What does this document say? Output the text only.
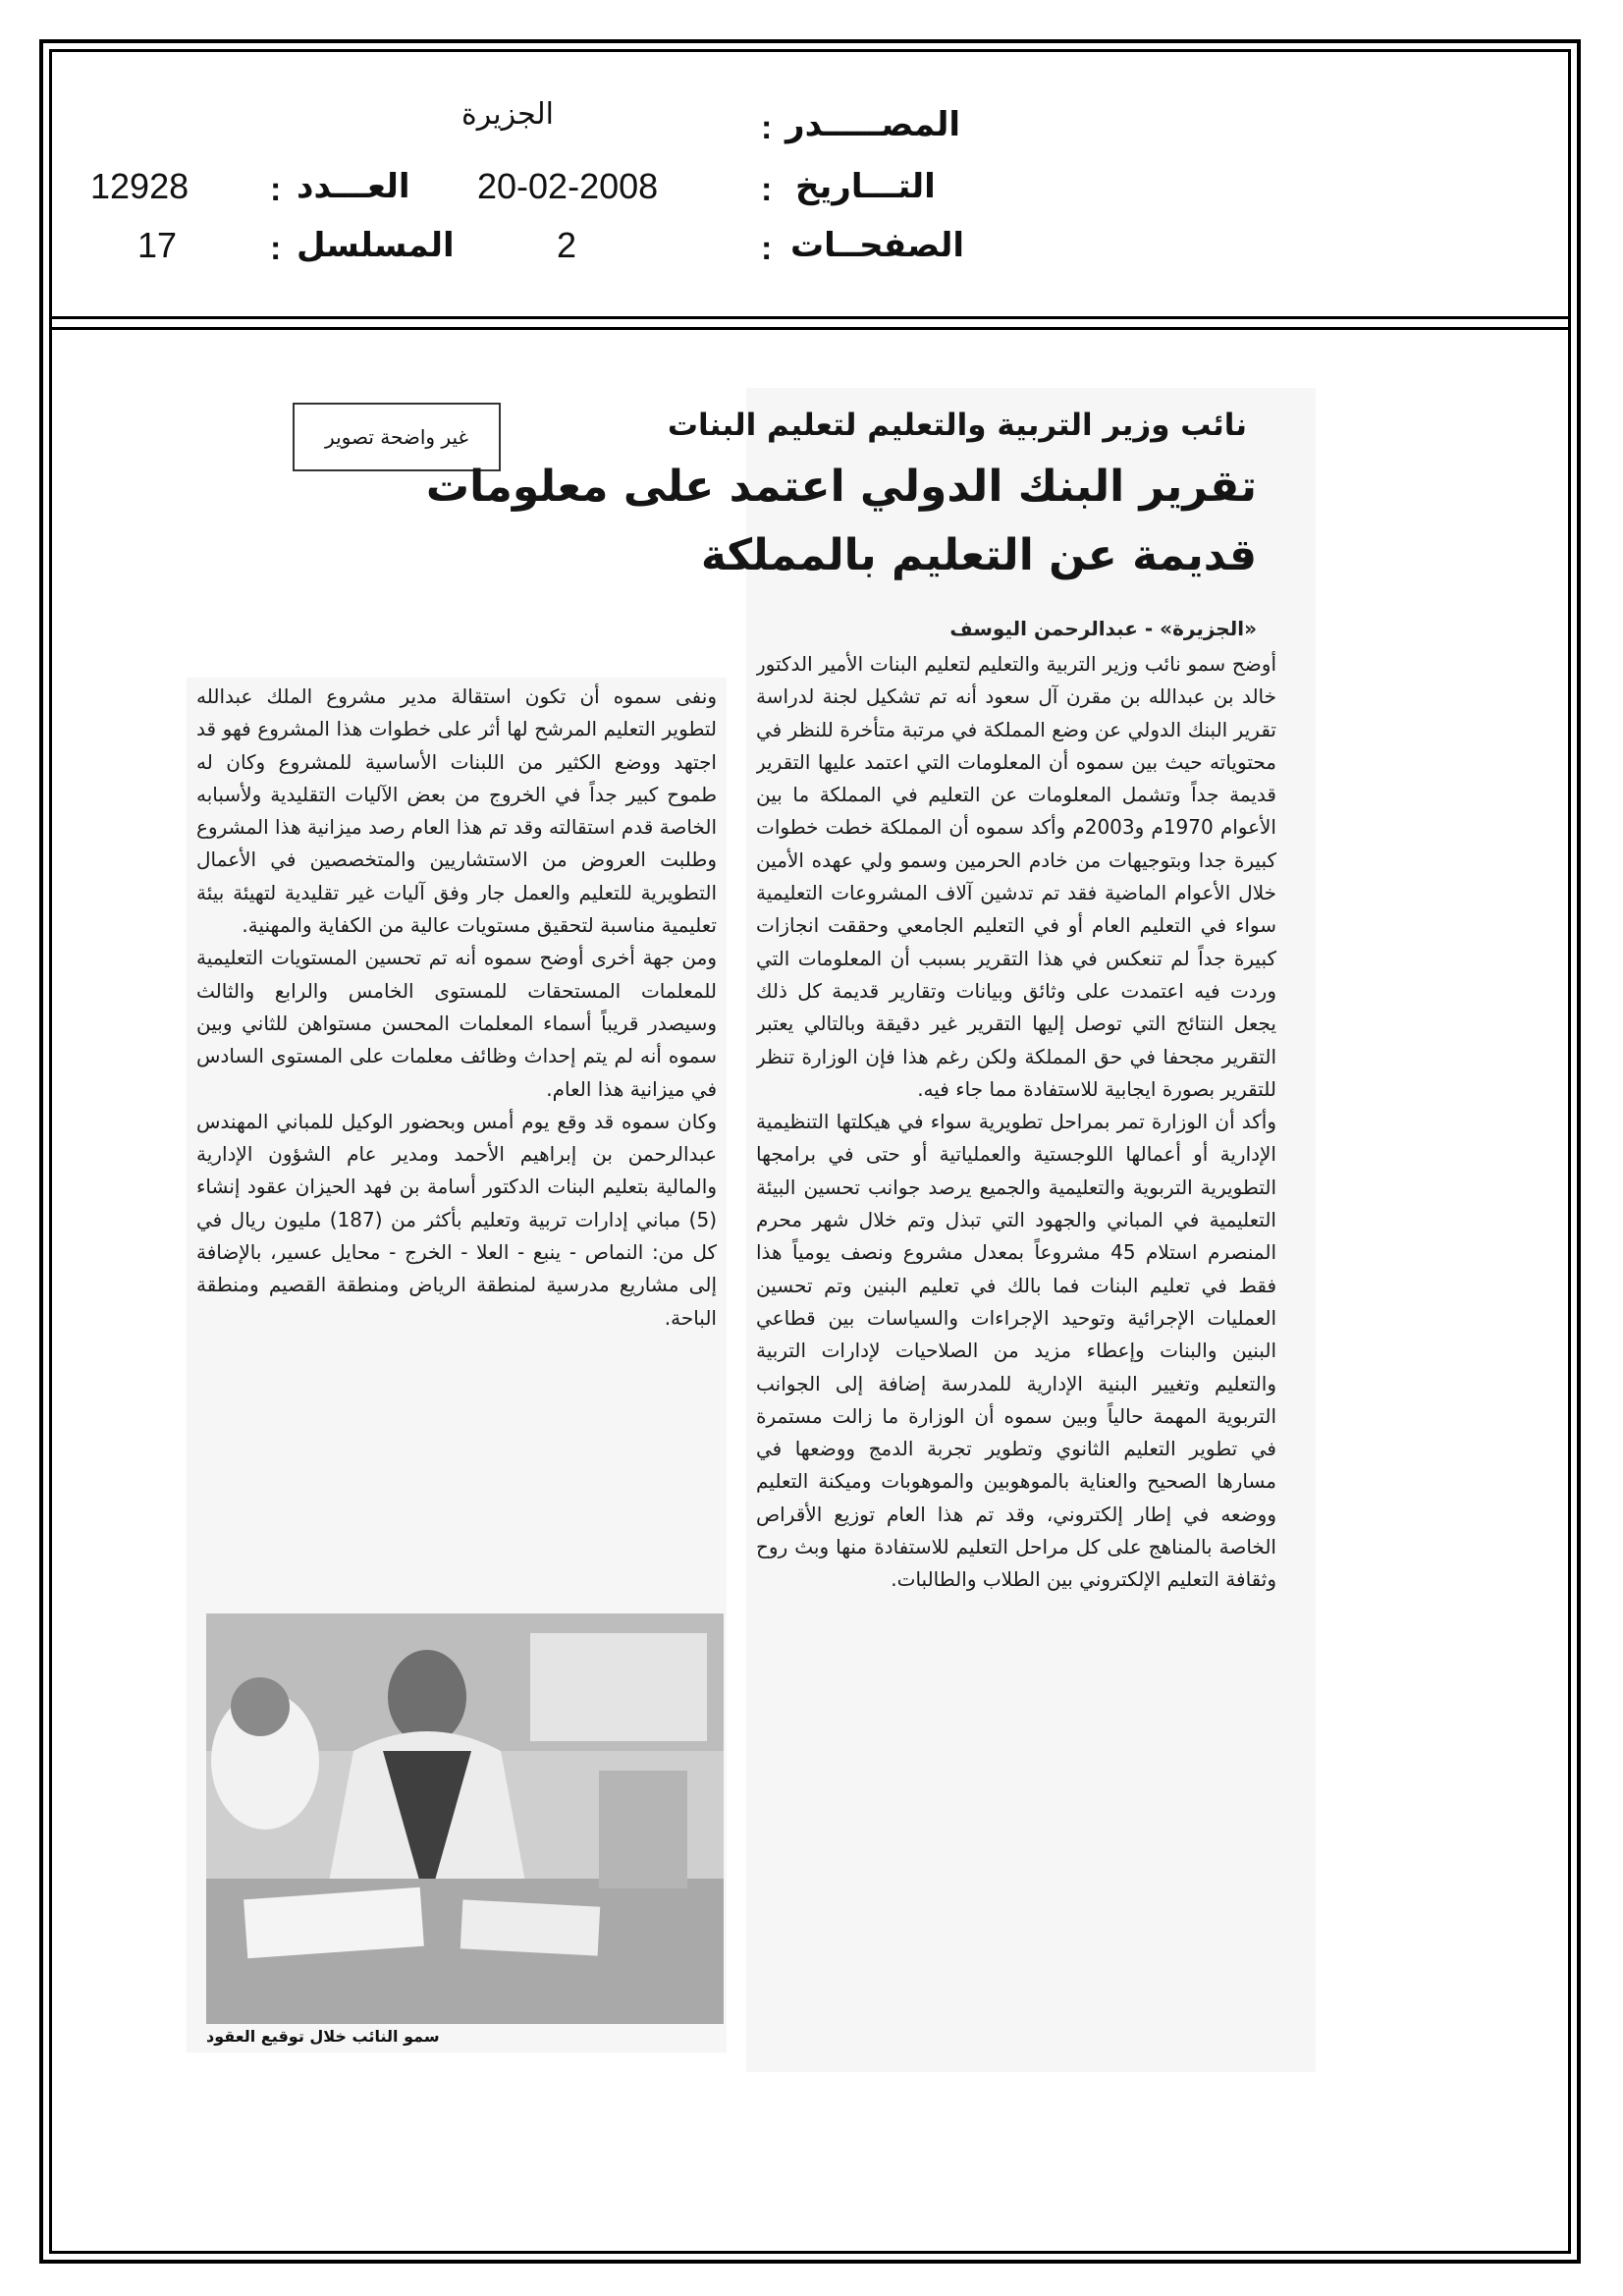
الجزيرة	المصـــــدر
:
التـــاريخ
:
20-02-2008
العـــدد
:
12928
الصفحــات
:
2
المسلسل
:
17
غير واضحة تصوير	نائب وزير التربية والتعليم لتعليم البنات
تقرير البنك الدولي اعتمد على معلومات
قديمة عن التعليم بالمملكة
«الجزيرة» - عبدالرحمن اليوسف

أوضح سمو نائب وزير التربية والتعليم لتعليم البنات الأمير الدكتور خالد بن عبدالله بن مقرن آل سعود أنه تم تشكيل لجنة لدراسة تقرير البنك الدولي عن وضع المملكة في مرتبة متأخرة للنظر في محتوياته حيث بين سموه أن المعلومات التي اعتمد عليها التقرير قديمة جداً وتشمل المعلومات عن التعليم في المملكة ما بين الأعوام 1970م و2003م وأكد سموه أن المملكة خطت خطوات كبيرة جدا وبتوجيهات من خادم الحرمين وسمو ولي عهده الأمين خلال الأعوام الماضية فقد تم تدشين آلاف المشروعات التعليمية سواء في التعليم العام أو في التعليم الجامعي وحققت انجازات كبيرة جداً لم تنعكس في هذا التقرير بسبب أن المعلومات التي وردت فيه اعتمدت على وثائق وبيانات وتقارير قديمة كل ذلك يجعل النتائج التي توصل إليها التقرير غير دقيقة وبالتالي يعتبر التقرير مجحفا في حق المملكة ولكن رغم هذا فإن الوزارة تنظر للتقرير بصورة ايجابية للاستفادة مما جاء فيه.

وأكد أن الوزارة تمر بمراحل تطويرية سواء في هيكلتها التنظيمية الإدارية أو أعمالها اللوجستية والعملياتية أو حتى في برامجها التطويرية التربوية والتعليمية والجميع يرصد جوانب تحسين البيئة التعليمية في المباني والجهود التي تبذل وتم خلال شهر محرم المنصرم استلام 45 مشروعاً بمعدل مشروع ونصف يومياً هذا فقط في تعليم البنات فما بالك في تعليم البنين وتم تحسين العمليات الإجرائية وتوحيد الإجراءات والسياسات بين قطاعي البنين والبنات وإعطاء مزيد من الصلاحيات لإدارات التربية والتعليم وتغيير البنية الإدارية للمدرسة إضافة إلى الجوانب التربوية المهمة حالياً وبين سموه أن الوزارة ما زالت مستمرة في تطوير التعليم الثانوي وتطوير تجربة الدمج ووضعها في مسارها الصحيح والعناية بالموهوبين والموهوبات وميكنة التعليم ووضعه في إطار إلكتروني، وقد تم هذا العام توزيع الأقراص الخاصة بالمناهج على كل مراحل التعليم للاستفادة منها وبث روح وثقافة التعليم الإلكتروني بين الطلاب والطالبات.

ونفى سموه أن تكون استقالة مدير مشروع الملك عبدالله لتطوير التعليم المرشح لها أثر على خطوات هذا المشروع فهو قد اجتهد ووضع الكثير من اللبنات الأساسية للمشروع وكان له طموح كبير جداً في الخروج من بعض الآليات التقليدية ولأسبابه الخاصة قدم استقالته وقد تم هذا العام رصد ميزانية هذا المشروع وطلبت العروض من الاستشاريين والمتخصصين في الأعمال التطويرية للتعليم والعمل جار وفق آليات غير تقليدية لتهيئة بيئة تعليمية مناسبة لتحقيق مستويات عالية من الكفاية والمهنية.

ومن جهة أخرى أوضح سموه أنه تم تحسين المستويات التعليمية للمعلمات المستحقات للمستوى الخامس والرابع والثالث وسيصدر قريباً أسماء المعلمات المحسن مستواهن للثاني وبين سموه أنه لم يتم إحداث وظائف معلمات على المستوى السادس في ميزانية هذا العام.

وكان سموه قد وقع يوم أمس وبحضور الوكيل للمباني المهندس عبدالرحمن بن إبراهيم الأحمد ومدير عام الشؤون الإدارية والمالية بتعليم البنات الدكتور أسامة بن فهد الحيزان عقود إنشاء (5) مباني إدارات تربية وتعليم بأكثر من (187) مليون ريال في كل من: النماص - ينبع - العلا - الخرج - محايل عسير، بالإضافة إلى مشاريع مدرسية لمنطقة الرياض ومنطقة القصيم ومنطقة الباحة.

سمو النائب خلال توقيع العقود
